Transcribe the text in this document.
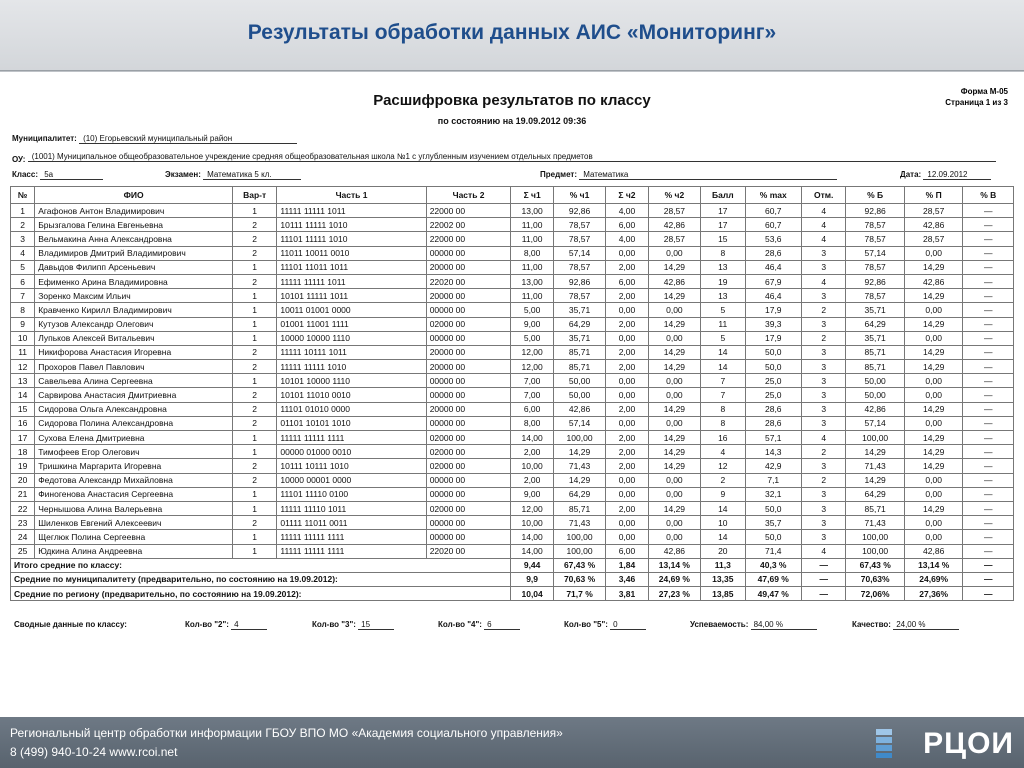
Результаты обработки данных АИС «Мониторинг»
Форма М-05
Страница 1 из 3
Расшифровка результатов по классу
по состоянию на 19.09.2012 09:36
Муниципалитет: (10) Егорьевский муниципальный район
ОУ: (1001) Муниципальное общеобразовательное учреждение средняя общеобразовательная школа №1 с углубленным изучением отдельных предметов
Класс: 5а	Экзамен: Математика 5 кл.	Предмет: Математика	Дата: 12.09.2012
№	ФИО	Вар-т	Часть 1	Часть 2	Σ ч1	% ч1	Σ ч2	% ч2	Балл	% max	Отм.	% Б	% П	% В
1	Агафонов Антон Владимирович	1	11111 11111 1011	22000 00	13,00	92,86	4,00	28,57	17	60,7	4	92,86	28,57	—
2	Брызгалова Гелина Евгеньевна	2	10111 11111 1010	22002 00	11,00	78,57	6,00	42,86	17	60,7	4	78,57	42,86	—
3	Вельмакина Анна Александровна	2	11101 11111 1010	22000 00	11,00	78,57	4,00	28,57	15	53,6	4	78,57	28,57	—
4	Владимиров Дмитрий Владимирович	2	11011 10011 0010	00000 00	8,00	57,14	0,00	0,00	8	28,6	3	57,14	0,00	—
5	Давыдов Филипп Арсеньевич	1	11101 11011 1011	20000 00	11,00	78,57	2,00	14,29	13	46,4	3	78,57	14,29	—
6	Ефименко Арина Владимировна	2	11111 11111 1011	22020 00	13,00	92,86	6,00	42,86	19	67,9	4	92,86	42,86	—
7	Зоренко Максим Ильич	1	10101 11111 1011	20000 00	11,00	78,57	2,00	14,29	13	46,4	3	78,57	14,29	—
8	Кравченко Кирилл Владимирович	1	10011 01001 0000	00000 00	5,00	35,71	0,00	0,00	5	17,9	2	35,71	0,00	—
9	Кутузов Александр Олегович	1	01001 11001 1111	02000 00	9,00	64,29	2,00	14,29	11	39,3	3	64,29	14,29	—
10	Лупьков Алексей Витальевич	1	10000 10000 1110	00000 00	5,00	35,71	0,00	0,00	5	17,9	2	35,71	0,00	—
11	Никифорова Анастасия Игоревна	2	11111 10111 1011	20000 00	12,00	85,71	2,00	14,29	14	50,0	3	85,71	14,29	—
12	Прохоров Павел Павлович	2	11111 11111 1010	20000 00	12,00	85,71	2,00	14,29	14	50,0	3	85,71	14,29	—
13	Савельева Алина Сергеевна	1	10101 10000 1110	00000 00	7,00	50,00	0,00	0,00	7	25,0	3	50,00	0,00	—
14	Сарвирова Анастасия Дмитриевна	2	10101 11010 0010	00000 00	7,00	50,00	0,00	0,00	7	25,0	3	50,00	0,00	—
15	Сидорова Ольга Александровна	2	11101 01010 0000	20000 00	6,00	42,86	2,00	14,29	8	28,6	3	42,86	14,29	—
16	Сидорова Полина Александровна	2	01101 10101 1010	00000 00	8,00	57,14	0,00	0,00	8	28,6	3	57,14	0,00	—
17	Сухова Елена Дмитриевна	1	11111 11111 1111	02000 00	14,00	100,00	2,00	14,29	16	57,1	4	100,00	14,29	—
18	Тимофеев Егор Олегович	1	00000 01000 0010	02000 00	2,00	14,29	2,00	14,29	4	14,3	2	14,29	14,29	—
19	Тришкина Маргарита Игоревна	2	10111 10111 1010	02000 00	10,00	71,43	2,00	14,29	12	42,9	3	71,43	14,29	—
20	Федотова Александр Михайловна	2	10000 00001 0000	00000 00	2,00	14,29	0,00	0,00	2	7,1	2	14,29	0,00	—
21	Финогенова Анастасия Сергеевна	1	11101 11110 0100	00000 00	9,00	64,29	0,00	0,00	9	32,1	3	64,29	0,00	—
22	Чернышова Алина Валерьевна	1	11111 11110 1011	02000 00	12,00	85,71	2,00	14,29	14	50,0	3	85,71	14,29	—
23	Шиленков Евгений Алексеевич	2	01111 11011 0011	00000 00	10,00	71,43	0,00	0,00	10	35,7	3	71,43	0,00	—
24	Щеглюк Полина Сергеевна	1	11111 11111 1111	00000 00	14,00	100,00	0,00	0,00	14	50,0	3	100,00	0,00	—
25	Юдкина Алина Андреевна	1	11111 11111 1111	22020 00	14,00	100,00	6,00	42,86	20	71,4	4	100,00	42,86	—
Итого средние по классу:					9,44	67,43 %	1,84	13,14 %	11,3	40,3 %	—	67,43 %	13,14 %	—
Средние по муниципалитету (предварительно, по состоянию на 19.09.2012):					9,9	70,63 %	3,46	24,69 %	13,35	47,69 %	—	70,63%	24,69%	—
Средние по региону (предварительно, по состоянию на 19.09.2012):					10,04	71,7 %	3,81	27,23 %	13,85	49,47 %	—	72,06%	27,36%	—
Сводные данные по классу:	Кол-во "2": 4	Кол-во "3": 15	Кол-во "4": 6	Кол-во "5": 0	Успеваемость: 84,00 %	Качество: 24,00 %
Региональный центр обработки информации ГБОУ ВПО МО «Академия социального управления»
8 (499) 940-10-24 www.rcoi.net	РЦОИ
